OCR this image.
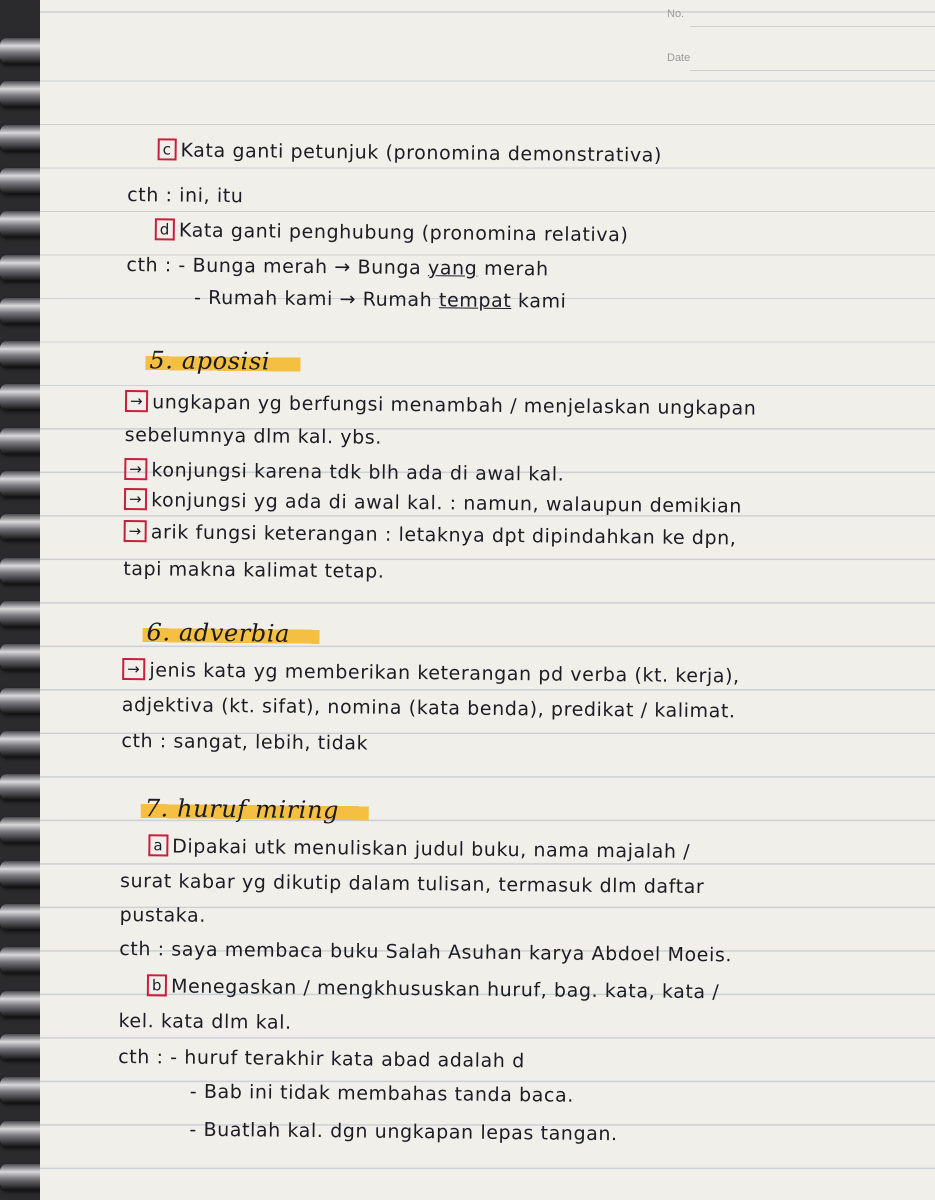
No.
Date
c Kata ganti petunjuk (pronomina demonstrativa)
cth : ini, itu
d Kata ganti penghubung (pronomina relativa)
cth : - Bunga merah → Bunga yang merah
- Rumah kami → Rumah tempat kami
5. aposisi
→ ungkapan yg berfungsi menambah / menjelaskan ungkapan
sebelumnya dlm kal. ybs.
→ konjungsi karena tdk blh ada di awal kal.
→ konjungsi yg ada di awal kal. : namun, walaupun demikian
→ arik fungsi keterangan : letaknya dpt dipindahkan ke dpn,
tapi makna kalimat tetap.
6. adverbia
→ jenis kata yg memberikan keterangan pd verba (kt. kerja),
adjektiva (kt. sifat), nomina (kata benda), predikat / kalimat.
cth : sangat, lebih, tidak
7. huruf miring
a Dipakai utk menuliskan judul buku, nama majalah /
surat kabar yg dikutip dalam tulisan, termasuk dlm daftar
pustaka.
cth : saya membaca buku Salah Asuhan karya Abdoel Moeis.
b Menegaskan / mengkhususkan huruf, bag. kata, kata /
kel. kata dlm kal.
cth : - huruf terakhir kata abad adalah d
- Bab ini tidak membahas tanda baca.
- Buatlah kal. dgn ungkapan lepas tangan.
